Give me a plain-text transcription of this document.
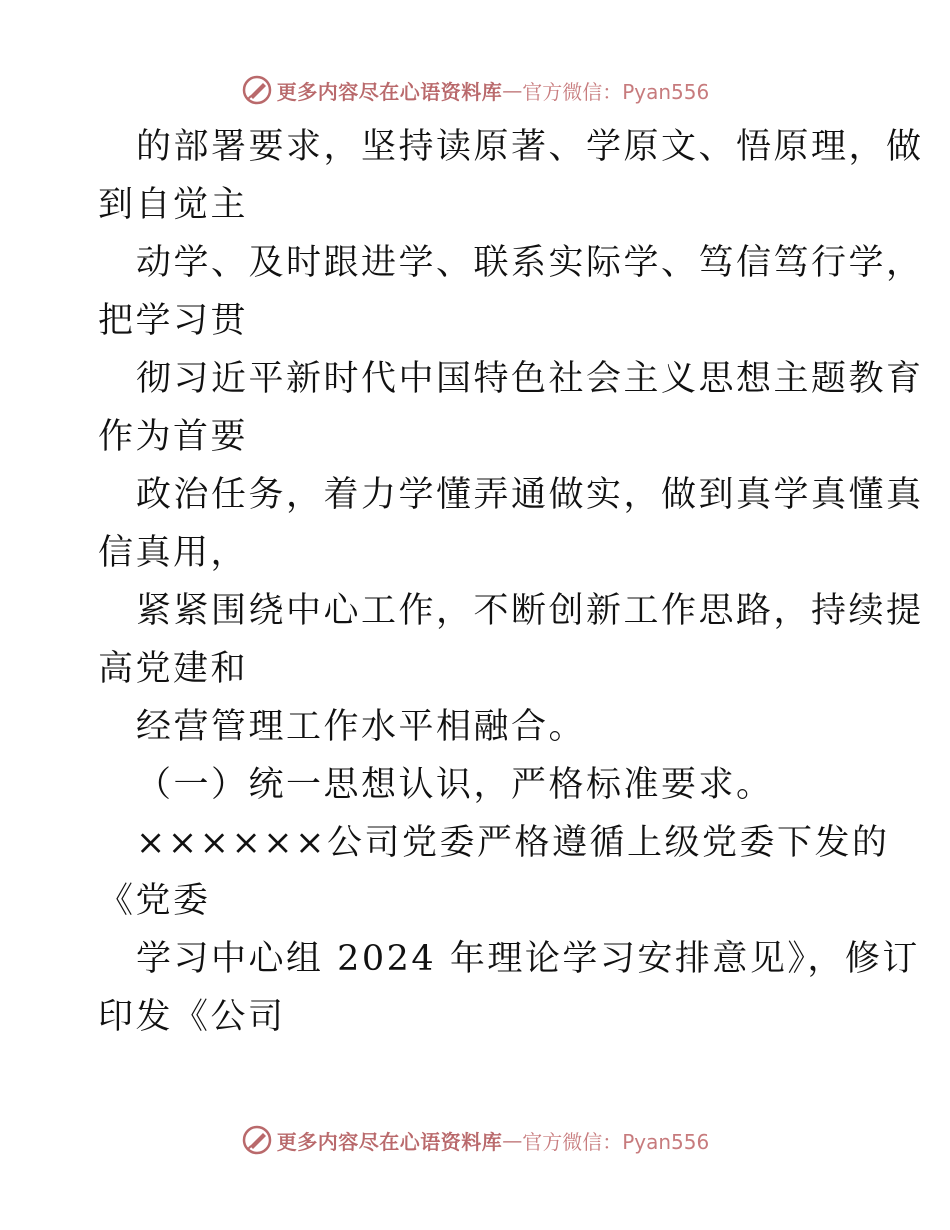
更多内容尽在心语资料库 — 官方微信：Pyan556
的部署要求，坚持读原著、学原文、悟原理，做
到自觉主
动学、及时跟进学、联系实际学、笃信笃行学，
把学习贯
彻习近平新时代中国特色社会主义思想主题教育
作为首要
政治任务，着力学懂弄通做实，做到真学真懂真
信真用，
紧紧围绕中心工作，不断创新工作思路，持续提
高党建和
经营管理工作水平相融合。
（一）统一思想认识，严格标准要求。
××××××公司党委严格遵循上级党委下发的
《党委
学习中心组 2024 年理论学习安排意见》，修订
印发《公司
更多内容尽在心语资料库 — 官方微信：Pyan556
